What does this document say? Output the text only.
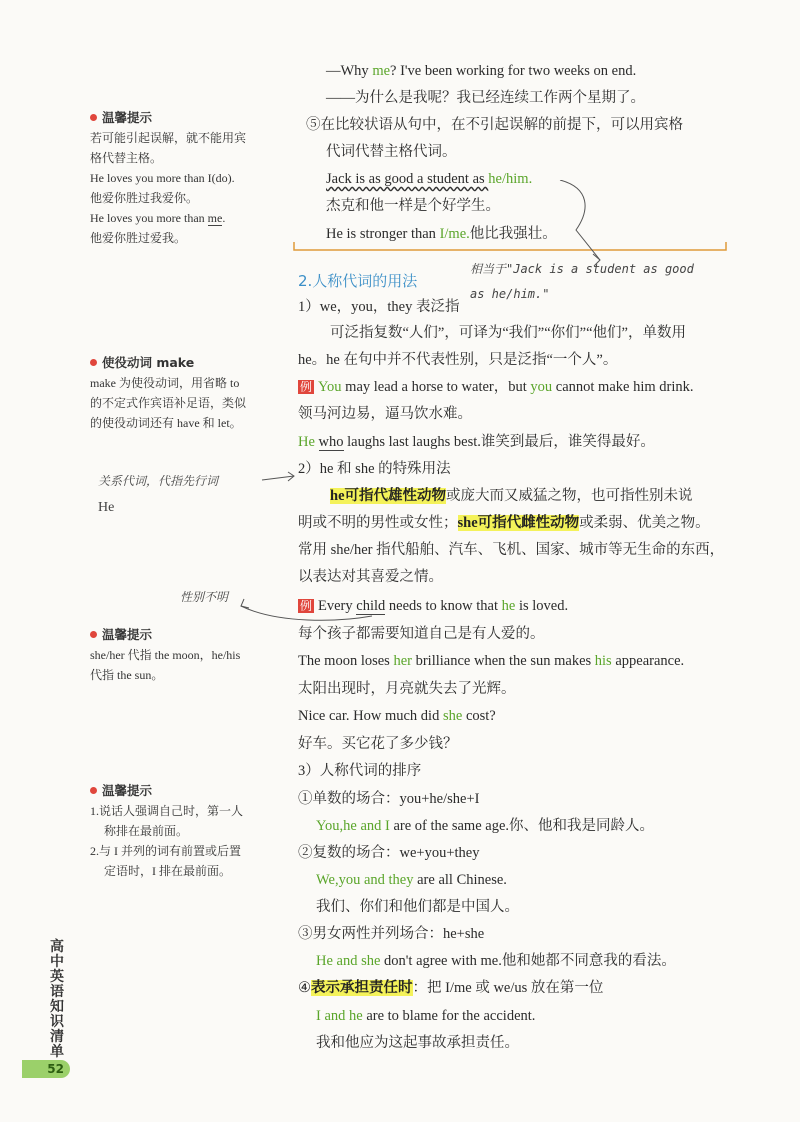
—Why me? I've been working for two weeks on end.
——为什么是我呢？我已经连续工作两个星期了。
⑤在比较状语从句中，在不引起误解的前提下，可以用宾格
代词代替主格代词。
Jack is as good a student as he/him.
杰克和他一样是个好学生。
He is stronger than I/me.他比我强壮。
相当于"Jack is a student as good
as he/him."
2.人称代词的用法
1）we，you，they 表泛指
可泛指复数“人们”，可译为“我们”“你们”“他们”，单数用
he。he 在句中并不代表性别，只是泛指“一个人”。
例 You may lead a horse to water，but you cannot make him drink.
领马河边易，逼马饮水难。
He who laughs last laughs best.谁笑到最后，谁笑得最好。
2）he 和 she 的特殊用法
he可指代雄性动物或庞大而又威猛之物，也可指性别未说
明或不明的男性或女性；she可指代雌性动物或柔弱、优美之物。
常用 she/her 指代船舶、汽车、飞机、国家、城市等无生命的东西，
以表达对其喜爱之情。
例 Every child needs to know that he is loved.
每个孩子都需要知道自己是有人爱的。
The moon loses her brilliance when the sun makes his appearance.
太阳出现时，月亮就失去了光辉。
Nice car. How much did she cost?
好车。买它花了多少钱？
3）人称代词的排序
①单数的场合：you+he/she+I
You,he and I are of the same age.你、他和我是同龄人。
②复数的场合：we+you+they
We,you and they are all Chinese.
我们、你们和他们都是中国人。
③男女两性并列场合：he+she
He and she don't agree with me.他和她都不同意我的看法。
④表示承担责任时：把 I/me 或 we/us 放在第一位
I and he are to blame for the accident.
我和他应为这起事故承担责任。
温馨提示
若可能引起误解，就不能用宾
格代替主格。
He loves you more than I(do).
他爱你胜过我爱你。
He loves you more than me.
他爱你胜过爱我。
使役动词 make
make 为使役动词，用省略 to
的不定式作宾语补足语，类似
的使役动词还有 have 和 let。
关系代词，代指先行词
He
性别不明
温馨提示
she/her 代指 the moon，he/his
代指 the sun。
温馨提示
1.说话人强调自己时，第一人
称排在最前面。
2.与 I 并列的词有前置或后置
定语时，I 排在最前面。
高中英语知识清单
52
